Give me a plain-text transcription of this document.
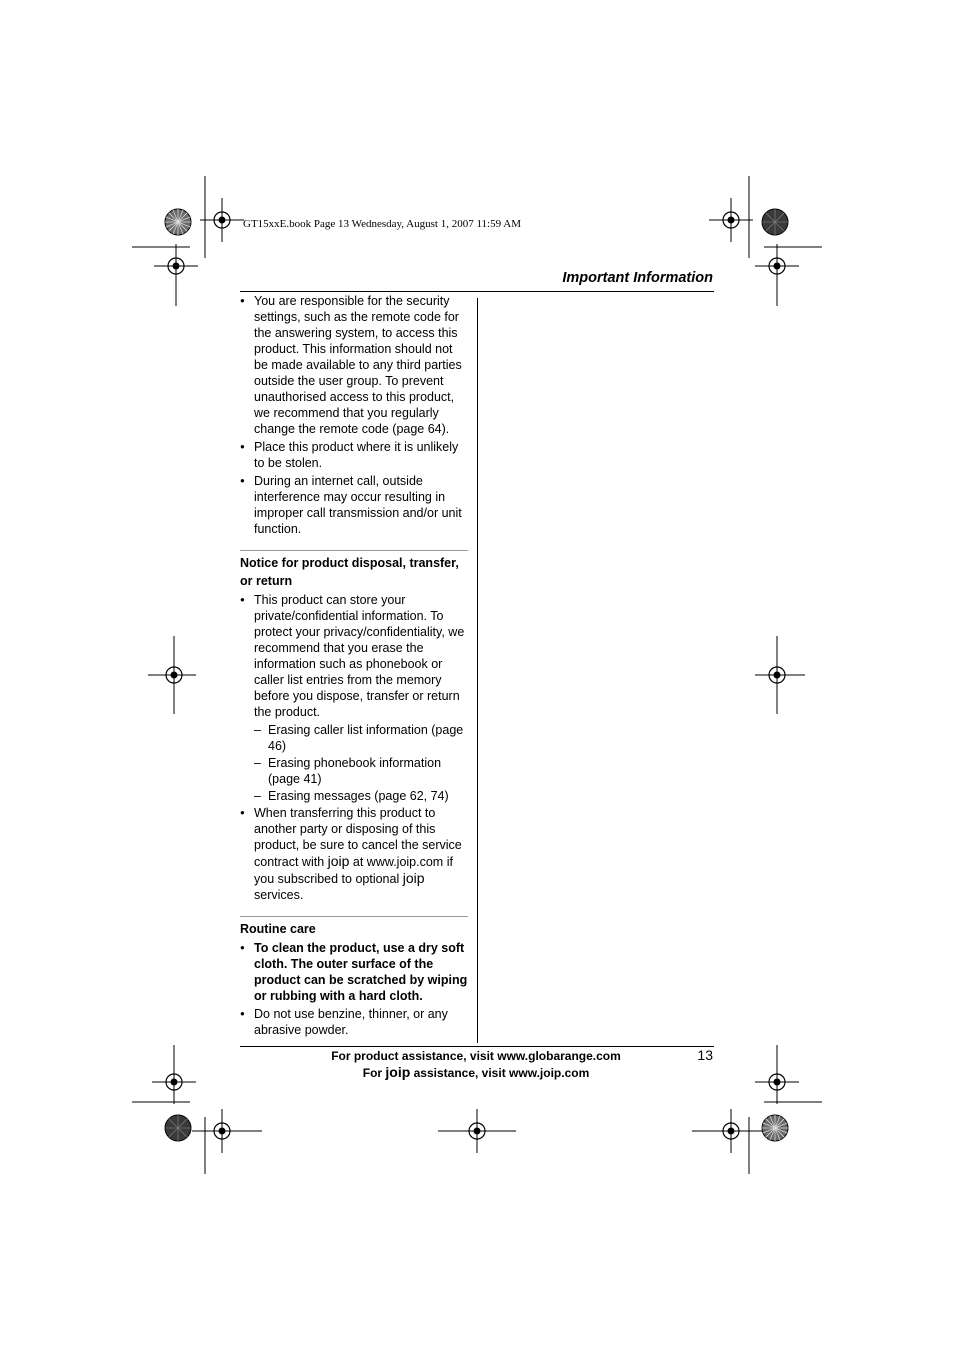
GT15xxE.book Page 13 Wednesday, August 1, 2007 11:59 AM
Important Information
● You are responsible for the security settings, such as the remote code for the answering system, to access this product. This information should not be made available to any third parties outside the user group. To prevent unauthorised access to this product, we recommend that you regularly change the remote code (page 64).
● Place this product where it is unlikely to be stolen.
● During an internet call, outside interference may occur resulting in improper call transmission and/or unit function.
Notice for product disposal, transfer, or return
● This product can store your private/confidential information. To protect your privacy/confidentiality, we recommend that you erase the information such as phonebook or caller list entries from the memory before you dispose, transfer or return the product.
– Erasing caller list information (page 46)
– Erasing phonebook information (page 41)
– Erasing messages (page 62, 74)
● When transferring this product to another party or disposing of this product, be sure to cancel the service contract with joip at www.joip.com if you subscribed to optional joip services.
Routine care
● To clean the product, use a dry soft cloth. The outer surface of the product can be scratched by wiping or rubbing with a hard cloth.
● Do not use benzine, thinner, or any abrasive powder.
For product assistance, visit www.globarange.com
For joip assistance, visit www.joip.com
13
